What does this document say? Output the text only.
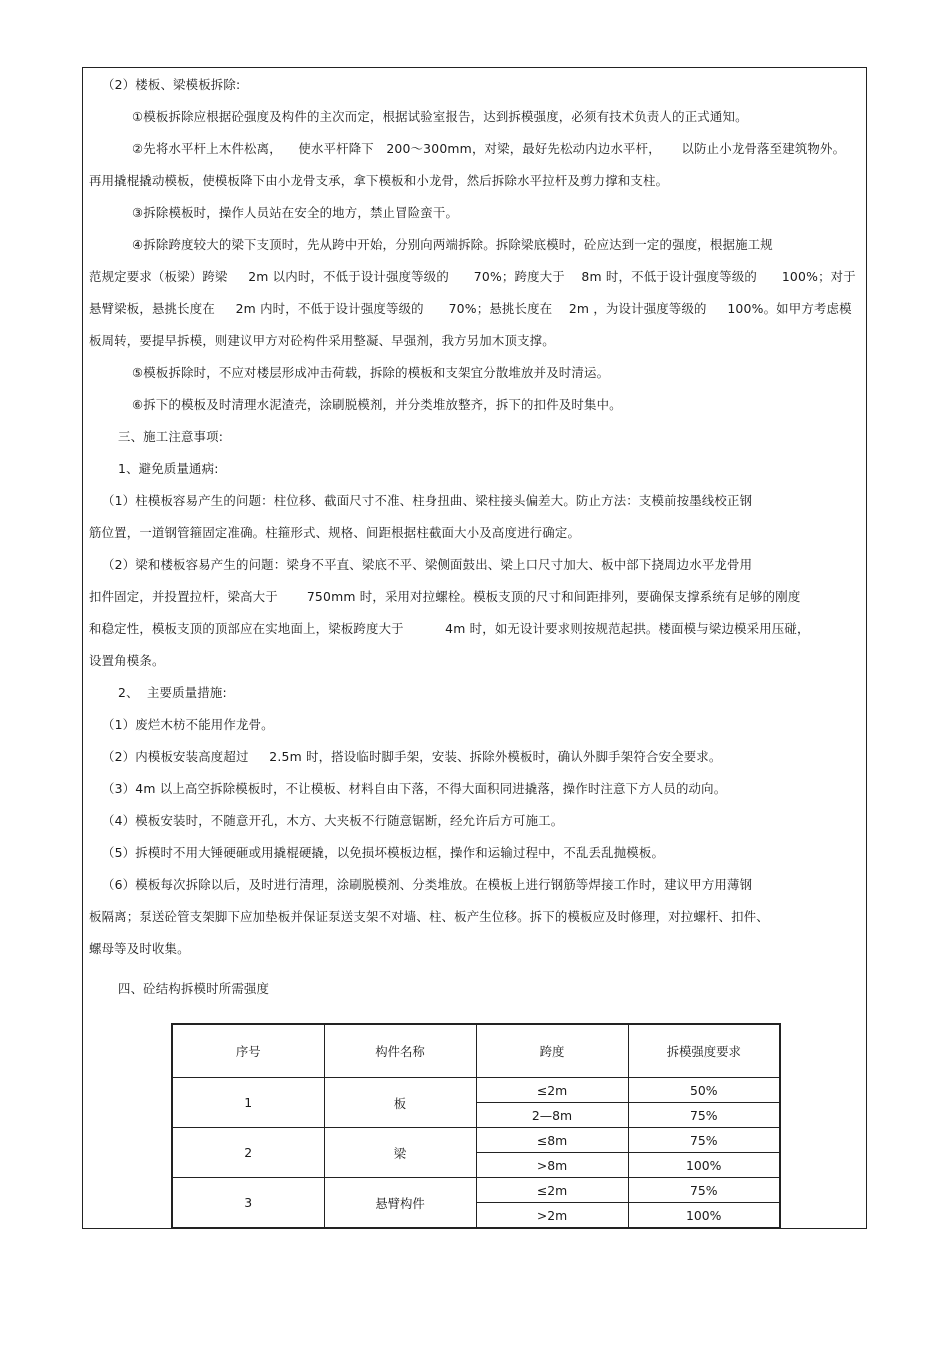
（2）楼板、梁模板拆除:
①模板拆除应根据砼强度及构件的主次而定，根据试验室报告，达到拆模强度，必须有技术负责人的正式通知。
②先将水平杆上木件松离，    使水平杆降下   200～300mm，对梁，最好先松动内边水平杆，     以防止小龙骨落至建筑物外。
再用撬棍撬动模板，使模板降下由小龙骨支承，拿下模板和小龙骨，然后拆除水平拉杆及剪力撑和支柱。
③拆除模板时，操作人员站在安全的地方，禁止冒险蛮干。
④拆除跨度较大的梁下支顶时，先从跨中开始，分别向两端拆除。拆除梁底模时，砼应达到一定的强度，根据施工规
范规定要求（板梁）跨梁     2m 以内时，不低于设计强度等级的      70%；跨度大于    8m 时，不低于设计强度等级的      100%；对于
悬臂梁板，悬挑长度在     2m 内时，不低于设计强度等级的      70%；悬挑长度在    2m ，为设计强度等级的     100%。如甲方考虑模
板周转，要提早拆模，则建议甲方对砼构件采用整凝、早强剂，我方另加木顶支撑。
⑤模板拆除时，不应对楼层形成冲击荷载，拆除的模板和支架宜分散堆放并及时清运。
⑥拆下的模板及时清理水泥渣壳，涂刷脱模剂，并分类堆放整齐，拆下的扣件及时集中。
三、施工注意事项:
1、避免质量通病:
（1）柱模板容易产生的问题：柱位移、截面尺寸不准、柱身扭曲、梁柱接头偏差大。防止方法：支模前按墨线校正钢
筋位置，一道钢管箍固定准确。柱箍形式、规格、间距根据柱截面大小及高度进行确定。
（2）梁和楼板容易产生的问题：梁身不平直、梁底不平、梁侧面鼓出、梁上口尺寸加大、板中部下挠周边水平龙骨用
扣件固定，并投置拉杆，梁高大于       750mm 时，采用对拉螺栓。模板支顶的尺寸和间距排列，要确保支撑系统有足够的刚度
和稳定性，模板支顶的顶部应在实地面上，梁板跨度大于          4m 时，如无设计要求则按规范起拱。楼面模与梁边模采用压碰，
设置角模条。
2、  主要质量措施:
（1）废烂木枋不能用作龙骨。
（2）内模板安装高度超过     2.5m 时，搭设临时脚手架，安装、拆除外模板时，确认外脚手架符合安全要求。
（3）4m 以上高空拆除模板时，不让模板、材料自由下落，不得大面积同进撬落，操作时注意下方人员的动向。
（4）模板安装时，不随意开孔，木方、大夹板不行随意锯断，经允许后方可施工。
（5）拆模时不用大锤硬砸或用撬棍硬撬，以免损坏模板边框，操作和运输过程中，不乱丢乱抛模板。
（6）模板每次拆除以后，及时进行清理，涂刷脱模剂、分类堆放。在模板上进行钢筋等焊接工作时，建议甲方用薄钢
板隔离；泵送砼管支架脚下应加垫板并保证泵送支架不对墙、柱、板产生位移。拆下的模板应及时修理，对拉螺杆、扣件、
螺母等及时收集。
四、砼结构拆模时所需强度
序号	构件名称	跨度	拆模强度要求
1	板	≤2m	50%
		2—8m	75%
2	梁	≤8m	75%
		>8m	100%
3	悬臂构件	≤2m	75%
		>2m	100%
